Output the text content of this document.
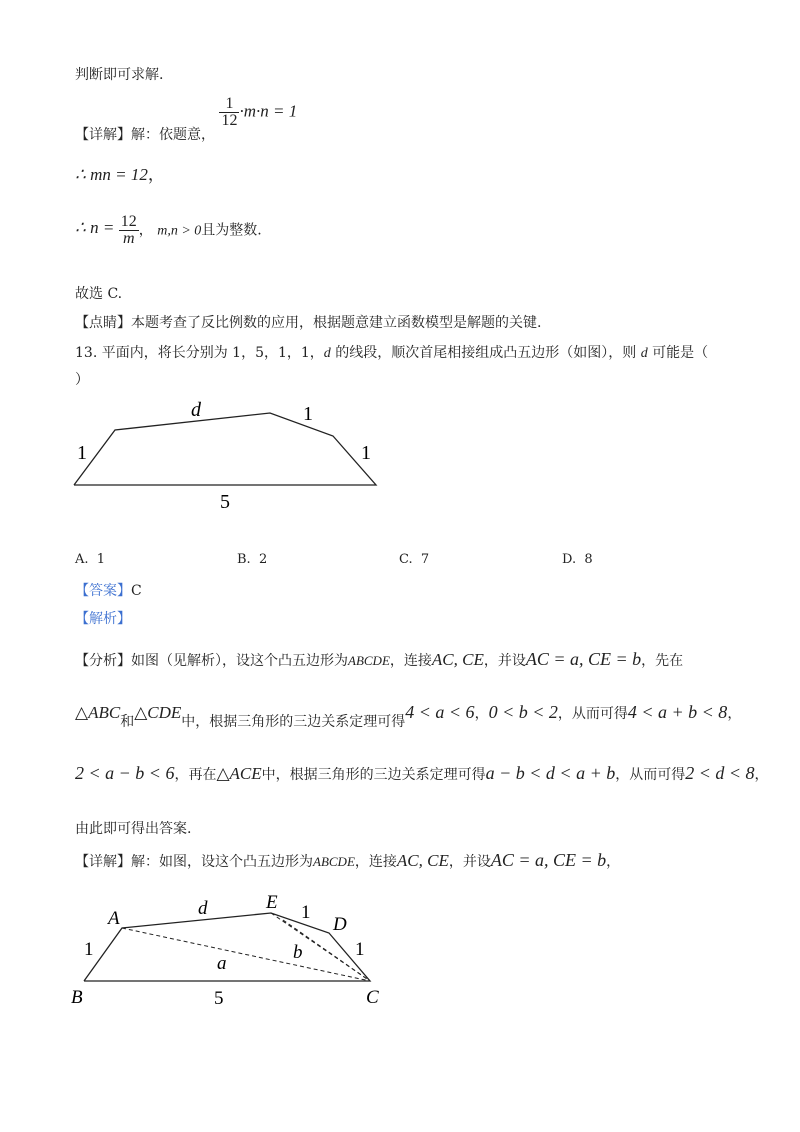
判断即可求解.
【详解】解：依题意，
$\frac{1}{12} \cdot m\cdot n = 1$
∴ mn = 12，
∴ $n = \frac{12}{m}$ ， m,n > 0且为整数.
故选 C.
【点睛】本题考查了反比例数的应用，根据题意建立函数模型是解题的关键.
13. 平面内，将长分别为 1，5，1，1，d 的线段，顺次首尾相接组成凸五边形（如图），则 d 可能是（
）
d	1
1
1
5
A. 1	B. 2	C. 7	D. 8
【答案】C
【解析】
【分析】如图（见解析），设这个凸五边形为ABCDE，连接AC, CE，并设AC = a, CE = b，先在
△ABC和△CDE中，根据三角形的三边关系定理可得4 < a < 6，0 < b < 2，从而可得4 < a + b < 8，
2 < a − b < 6，再在△ACE中，根据三角形的三边关系定理可得a − b < d < a + b，从而可得2 < d < 8，
由此即可得出答案.
【详解】解：如图，设这个凸五边形为ABCDE，连接AC, CE，并设AC = a, CE = b，
A
E
D
B	C
d	1
1
1
5
a
b
